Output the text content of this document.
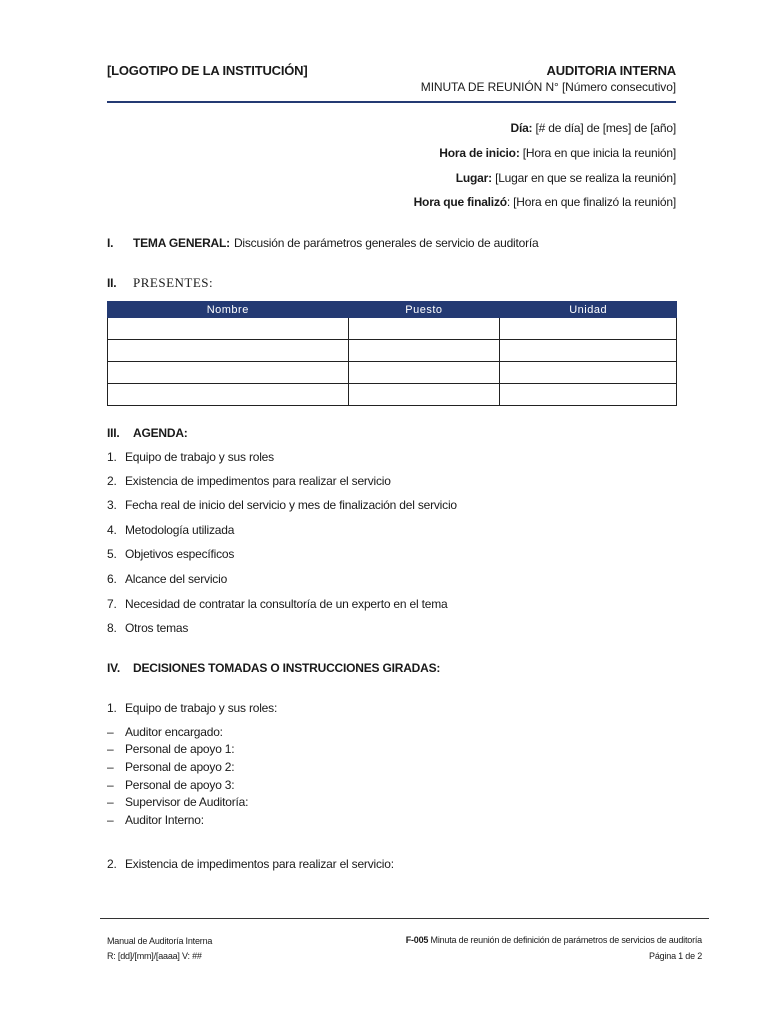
[LOGOTIPO DE LA INSTITUCIÓN]	AUDITORIA INTERNA
MINUTA DE REUNIÓN N° [Número consecutivo]
Día: [# de día] de [mes] de [año]
Hora de inicio: [Hora en que inicia la reunión]
Lugar: [Lugar en que se realiza la reunión]
Hora que finalizó: [Hora en que finalizó la reunión]
I. TEMA GENERAL: Discusión de parámetros generales de servicio de auditoría
II. PRESENTES:
Nombre	Puesto	Unidad

III. AGENDA:
1. Equipo de trabajo y sus roles
2. Existencia de impedimentos para realizar el servicio
3. Fecha real de inicio del servicio y mes de finalización del servicio
4. Metodología utilizada
5. Objetivos específicos
6. Alcance del servicio
7. Necesidad de contratar la consultoría de un experto en el tema
8. Otros temas
IV. DECISIONES TOMADAS O INSTRUCCIONES GIRADAS:
1. Equipo de trabajo y sus roles:
– Auditor encargado:
– Personal de apoyo 1:
– Personal de apoyo 2:
– Personal de apoyo 3:
– Supervisor de Auditoría:
– Auditor Interno:
2. Existencia de impedimentos para realizar el servicio:
Manual de Auditoría Interna
R: [dd]/[mm]/[aaaa] V: ##
F-005 Minuta de reunión de definición de parámetros de servicios de auditoría
Página 1 de 2
